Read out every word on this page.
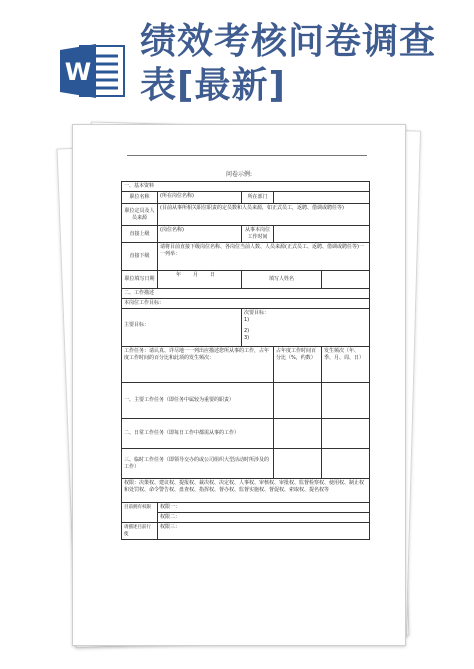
W
绩效考核问卷调查表[最新]
问卷示例:
一、基本资料				
职位名称	(所在岗位名称)	所在部门		
职位定员及人员来源	(目前从事所相关职位职责的定员数和人员来源，如正式员工，返聘、借调或聘任等)			
直接上级	(岗位名称)	从事本岗位工作时间		
直接下级	请将目前直接下级岗位名称、各岗位当前人数、人员来源(正式员工、返聘、借调或聘任等)一一列举：			
职位填写日期	年 月 日	填写人姓名		
二、工作描述				
本岗位工作目标：				

主要目标：		次要目标：
1)
2)
3)		

工作任务：请认真、详尽地一一列出应描述您所从事的工作，占年度工作时间的百分比和此项的发生频次：			占年度工作时间百分比（%，约数）	发生频次（年、季、月、周、日）
一、主要工作任务（即任务中属较为重要的职责）				
二、日常工作任务（即每日工作中都需从事的工作）				
三、临时工作任务（即领导交办的或公司组织大型活动时所涉及的工作）				
权限：决策权、建议权、提报权、裁决权、决定权、人事权、审核权、审批权、监督检察权、使用权、制止权和处罚权、命令警告权、盘查权、指挥权、督办权、监督实施权、督促权、索取权、提名权等				
目前拥有权限	权限一：			
	权限二：			
请描述目前行使	权限三：			
